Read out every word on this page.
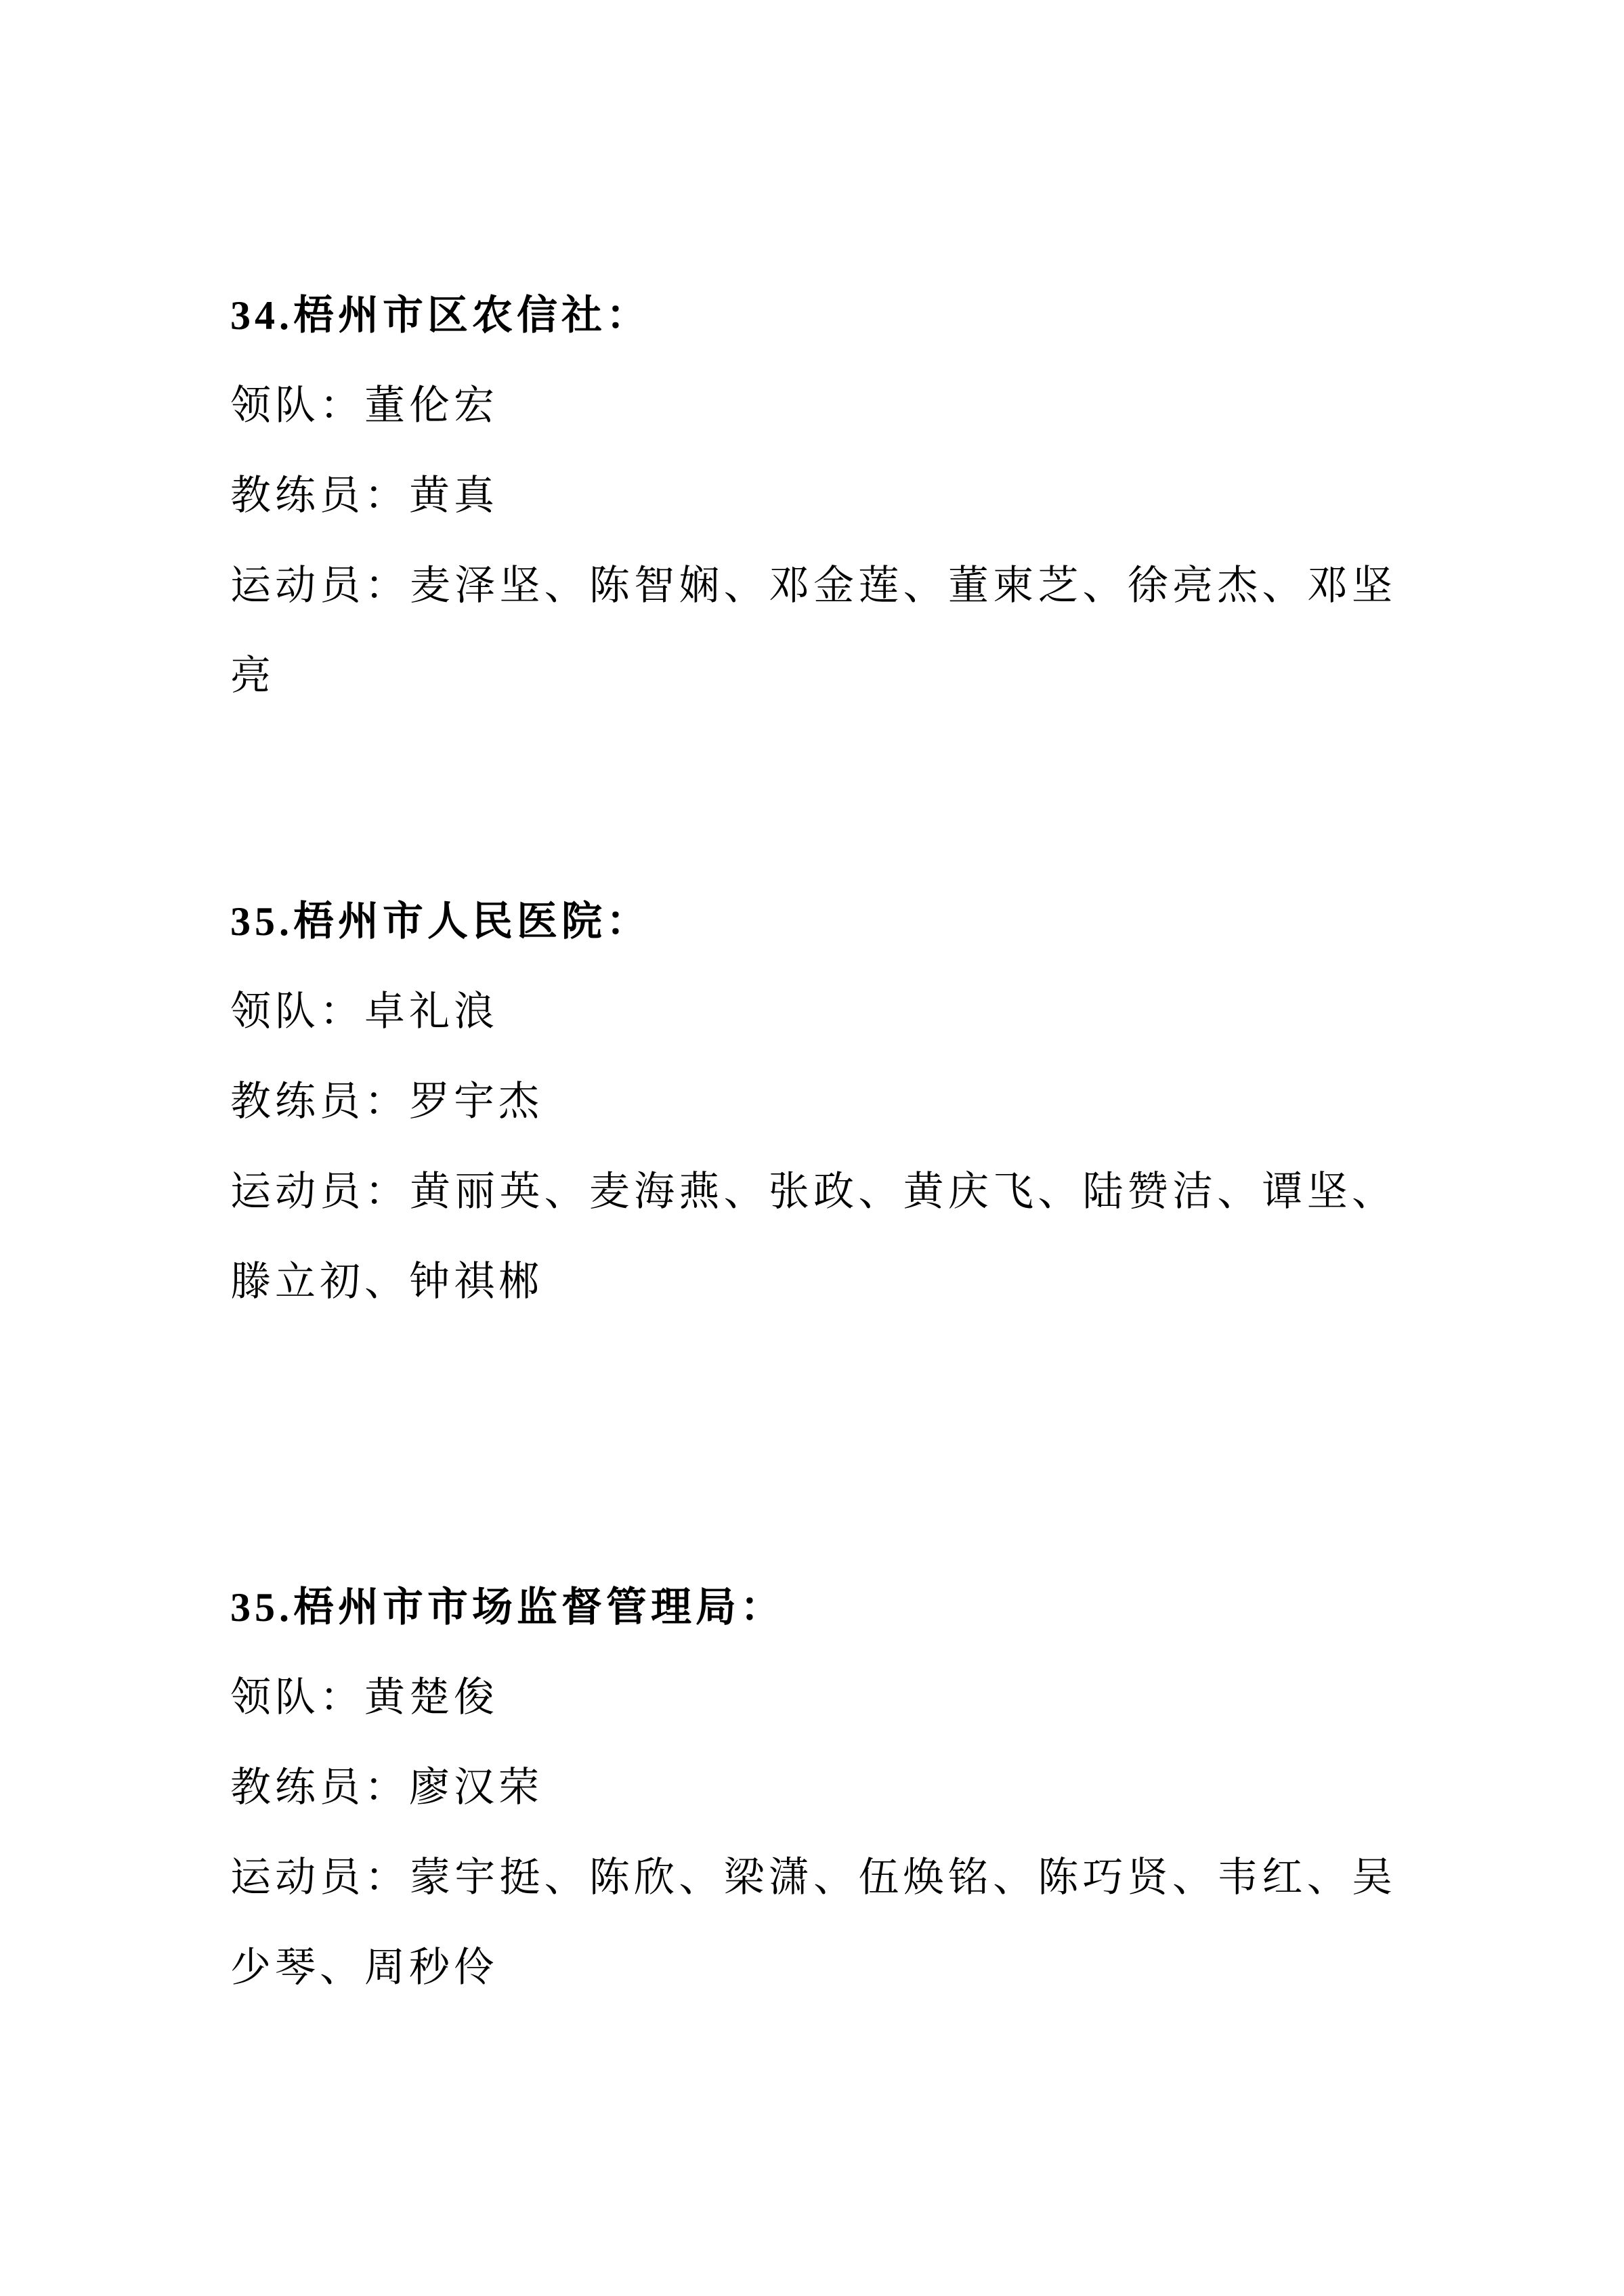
34.梧州市区农信社：
领队：董伦宏
教练员：黄真
运动员：麦泽坚、陈智娴、邓金莲、董柬芝、徐亮杰、邓坚
亮
35.梧州市人民医院：
领队：卓礼浪
教练员：罗宇杰
运动员：黄丽英、麦海燕、张政、黄庆飞、陆赞洁、谭坚、
滕立初、钟祺郴
35.梧州市市场监督管理局：
领队：黄楚俊
教练员：廖汉荣
运动员：蒙宇挺、陈欣、梁潇、伍焕铭、陈巧贤、韦红、吴
少琴、周秒伶
